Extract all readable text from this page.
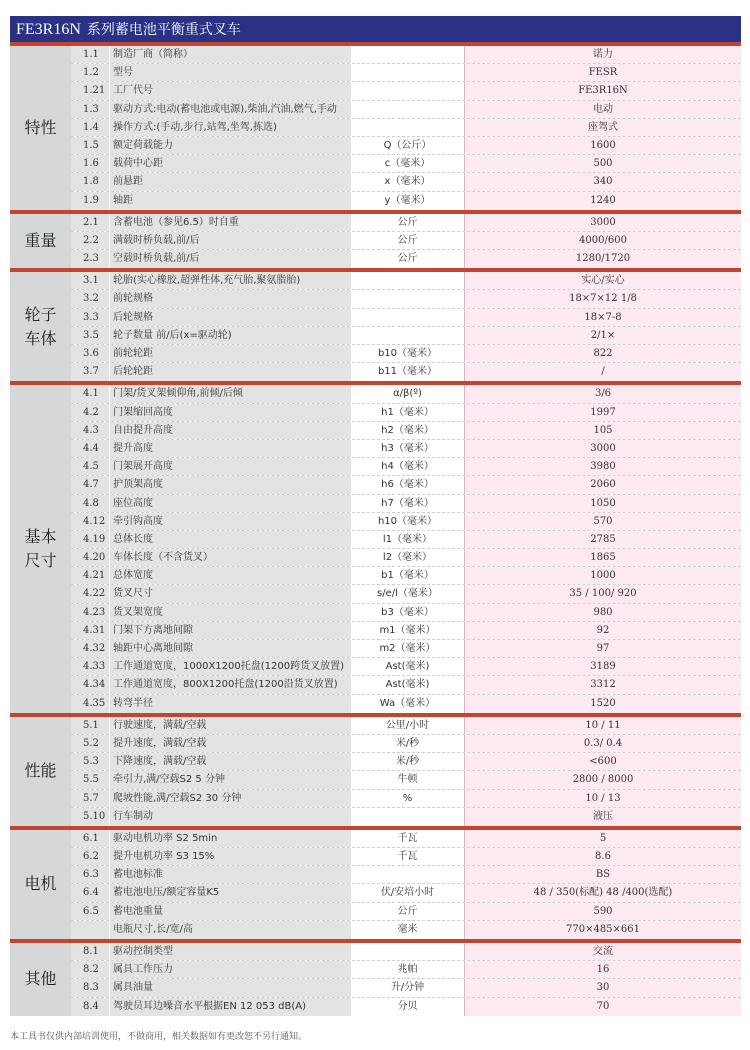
FE3R16N 系列蓄电池平衡重式叉车
特性
1.1	制造厂商（简称）	诺力
1.2	型号	FESR
1.21 工厂代号	FE3R16N
1.3	驱动方式:电动(蓄电池或电源),柴油,汽油,燃气,手动	电动
1.4	操作方式:(手动,步行,站驾,坐驾,拣选)	座驾式
1.5	额定荷载能力	Q（公斤）	1600
1.6	载荷中心距	c（毫米）	500
1.8	前悬距	x（毫米）	340
1.9	轴距	y（毫米）	1240
重量
2.1	含蓄电池（参见6.5）时自重	公斤	3000
2.2	满载时桥负载,前/后	公斤	4000/600
2.3	空载时桥负载,前/后	公斤	1280/1720
轮子
车体
3.1	轮胎(实心橡胶,超弹性体,充气胎,聚氨脂胎)	实心/实心
3.2	前轮规格	18×7×12 1/8
3.3	后轮规格	18×7-8
3.5	轮子数量 前/后(x=驱动轮)	2/1×
3.6	前轮轮距	b10（毫米）	822
3.7	后轮轮距	b11（毫米）	/
基本
尺寸
4.1	门架/货叉架倾仰角,前倾/后倾	α/β(º)	3/6
4.2	门架缩回高度	h1（毫米）	1997
4.3	自由提升高度	h2（毫米）	105
4.4	提升高度	h3（毫米）	3000
4.5	门架展开高度	h4（毫米）	3980
4.7	护顶架高度	h6（毫米）	2060
4.8	座位高度	h7（毫米）	1050
4.12 牵引钩高度	h10（毫米）	570
4.19 总体长度	l1（毫米）	2785
4.20 车体长度（不含货叉）	l2（毫米）	1865
4.21 总体宽度	b1（毫米）	1000
4.22 货叉尺寸	s/e/l（毫米）	35 / 100/ 920
4.23 货叉架宽度	b3（毫米）	980
4.31 门架下方离地间隙	m1（毫米）	92
4.32 轴距中心离地间隙	m2（毫米）	97
4.33 工作通道宽度，1000X1200托盘(1200跨货叉放置)	Ast(毫米)	3189
4.34 工作通道宽度，800X1200托盘(1200沿货叉放置)	Ast(毫米)	3312
4.35 转弯半径	Wa（毫米）	1520
性能
5.1	行驶速度，满载/空载	公里/小时	10 / 11
5.2	提升速度，满载/空载	米/秒	0.3/ 0.4
5.3	下降速度，满载/空载	米/秒	<600
5.5	牵引力,满/空载S2 5 分钟	牛顿	2800 / 8000
5.7	爬坡性能,满/空载S2 30 分钟	%	10 / 13
5.10 行车制动	液压
电机
6.1	驱动电机功率 S2 5min	千瓦	5
6.2	提升电机功率 S3 15%	千瓦	8.6
6.3	蓄电池标准	BS
6.4	蓄电池电压/额定容量K5	伏/安培小时	48 / 350(标配) 48 /400(选配)
6.5	蓄电池重量	公斤	590
电瓶尺寸,长/宽/高	毫米	770×485×661
其他
8.1	驱动控制类型	交流
8.2	属具工作压力	兆帕	16
8.3	属具油量	升/分钟	30
8.4	驾驶员耳边噪音水平根据EN 12 053 dB(A)	分贝	70
本工具书仅供内部培训使用，不做商用，相关数据如有更改恕不另行通知。
